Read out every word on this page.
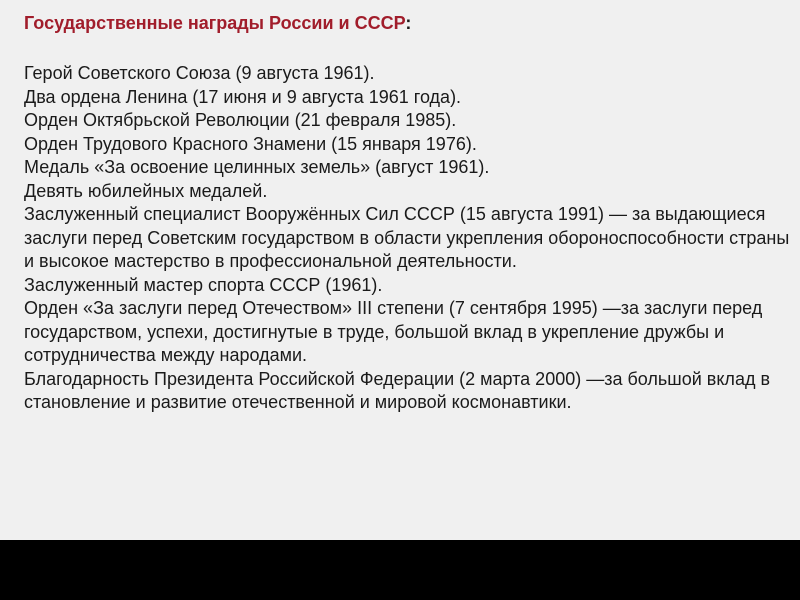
Государственные награды России и СССР:
Герой Советского Союза (9 августа 1961).
Два ордена Ленина (17 июня и 9 августа 1961 года).
Орден Октябрьской Революции (21 февраля 1985).
Орден Трудового Красного Знамени (15 января 1976).
Медаль «За освоение целинных земель» (август 1961).
Девять юбилейных медалей.
Заслуженный специалист Вооружённых Сил СССР (15 августа 1991) — за выдающиеся заслуги перед Советским государством в области укрепления обороноспособности страны и высокое мастерство в профессиональной деятельности.
Заслуженный мастер спорта СССР (1961).
Орден «За заслуги перед Отечеством» III степени (7 сентября 1995) —за заслуги перед государством, успехи, достигнутые в труде, большой вклад в укрепление дружбы и сотрудничества между народами.
Благодарность Президента Российской Федерации (2 марта 2000) —за большой вклад в становление и развитие отечественной и мировой космонавтики.
